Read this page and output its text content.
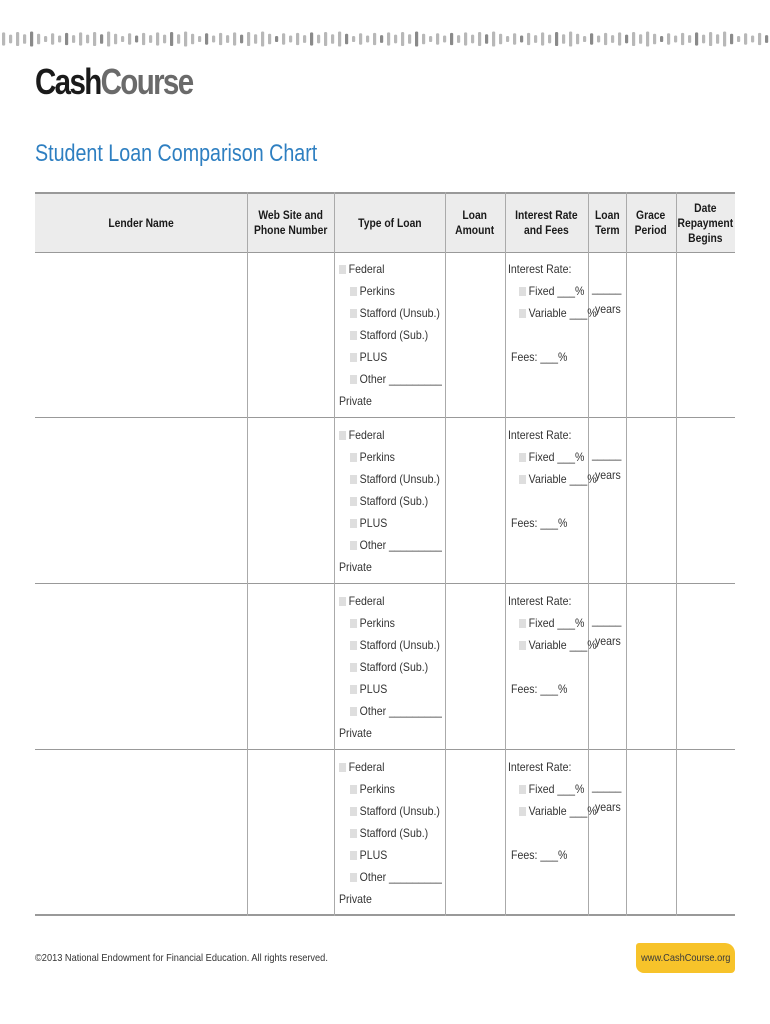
CashCourse
Student Loan Comparison Chart
Lender Name
Web Site and
Phone Number
Type of Loan
Loan
Amount
Interest Rate
and Fees
Loan
Term
Grace
Period
Date
Repayment
Begins
Federal
Perkins
Stafford (Unsub.)
Stafford (Sub.)
PLUS
Other _________
Private
Interest Rate:
Fixed ___%
Variable ___%
Fees: ___%
_____
years
Federal
Perkins
Stafford (Unsub.)
Stafford (Sub.)
PLUS
Other _________
Private
Interest Rate:
Fixed ___%
Variable ___%
Fees: ___%
_____
years
Federal
Perkins
Stafford (Unsub.)
Stafford (Sub.)
PLUS
Other _________
Private
Interest Rate:
Fixed ___%
Variable ___%
Fees: ___%
_____
years
Federal
Perkins
Stafford (Unsub.)
Stafford (Sub.)
PLUS
Other _________
Private
Interest Rate:
Fixed ___%
Variable ___%
Fees: ___%
_____
years
©2013 National Endowment for Financial Education. All rights reserved.	www.CashCourse.org
